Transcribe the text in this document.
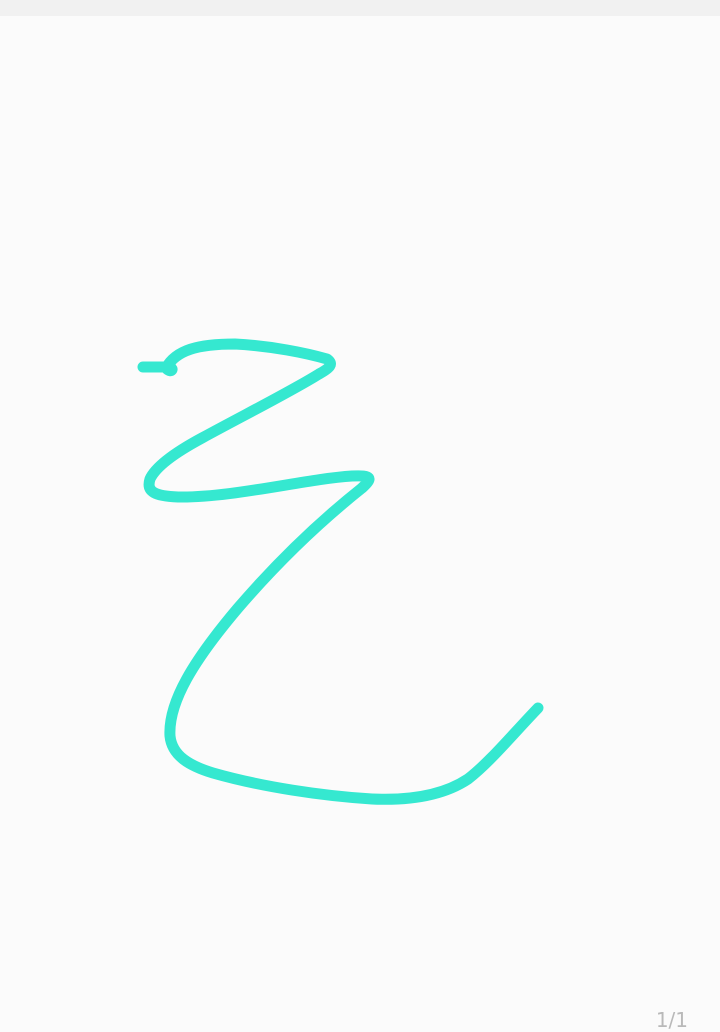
1/1
